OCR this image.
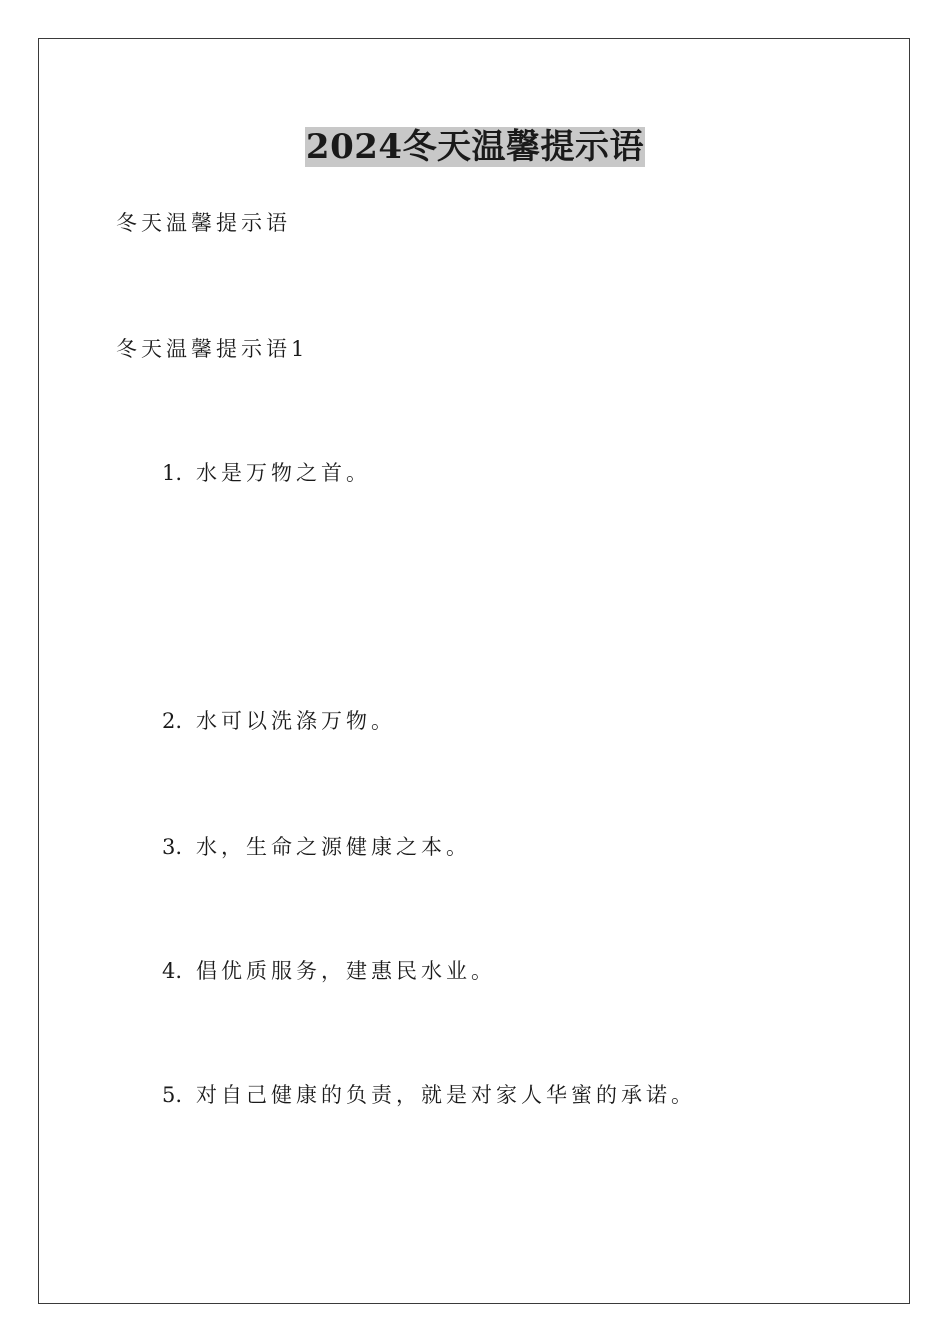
2024冬天温馨提示语
冬天温馨提示语
冬天温馨提示语1
1. 水是万物之首。
2. 水可以洗涤万物。
3. 水，生命之源健康之本。
4. 倡优质服务，建惠民水业。
5. 对自己健康的负责，就是对家人华蜜的承诺。
